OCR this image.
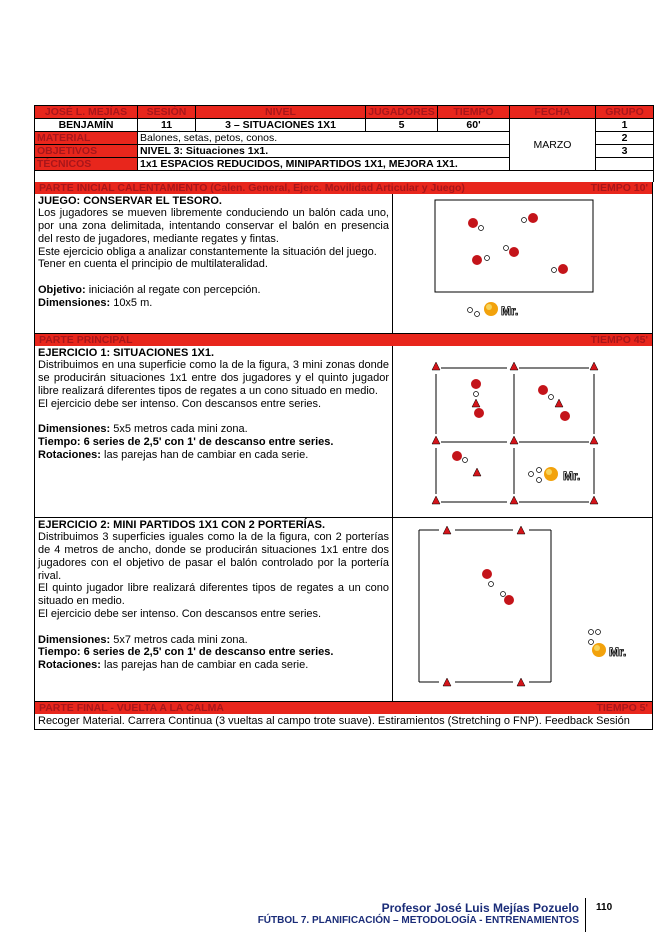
JOSÉ L. MEJÍAS	SESIÓN	NIVEL	JUGADORES	TIEMPO	FECHA	GRUPO
BENJAMÍN	11	3 – SITUACIONES 1X1	5	60'	MARZO	1
MATERIAL	Balones, setas, petos, conos.					2
OBJETIVOS	NIVEL 3: Situaciones 1x1.					3
TÉCNICOS	1x1 ESPACIOS REDUCIDOS, MINIPARTIDOS 1X1, MEJORA 1X1.					

PARTE INICIAL CALENTAMIENTO (Calen. General, Ejerc. Movilidad Articular y Juego)	TIEMPO 10'
JUEGO: CONSERVAR EL TESORO.
Los jugadores se mueven libremente conduciendo un balón cada uno, por una zona delimitada, intentando conservar el balón en presencia del resto de jugadores, mediante regates y fintas.
Este ejercicio obliga a analizar constantemente la situación del juego.
Tener en cuenta el principio de multilateralidad.
Objetivo: iniciación al regate con percepción.
Dimensiones: 10x5 m.
Mr.
PARTE PRINCIPAL	TIEMPO 45'
EJERCICIO 1: SITUACIONES 1X1.
Distribuimos en una superficie como la de la figura, 3 mini zonas donde se producirán situaciones 1x1 entre dos jugadores y el quinto jugador libre realizará diferentes tipos de regates a un cono situado en medio.
El ejercicio debe ser intenso. Con descansos entre series.
Dimensiones: 5x5 metros cada mini zona.
Tiempo: 6 series de 2,5' con 1' de descanso entre series.
Rotaciones: las parejas han de cambiar en cada serie.
Mr.
EJERCICIO 2: MINI PARTIDOS 1X1 CON 2 PORTERÍAS.
Distribuimos 3 superficies iguales como la de la figura, con 2 porterías de 4 metros de ancho, donde se producirán situaciones 1x1 entre dos jugadores con el objetivo de pasar el balón controlado por la portería rival.
El quinto jugador libre realizará diferentes tipos de regates a un cono situado en medio.
El ejercicio debe ser intenso. Con descansos entre series.
Dimensiones: 5x7 metros cada mini zona.
Tiempo: 6 series de 2,5' con 1' de descanso entre series.
Rotaciones: las parejas han de cambiar en cada serie.
Mr.
PARTE FINAL - VUELTA A LA CALMA	TIEMPO 5'
Recoger Material. Carrera Continua (3 vueltas al campo trote suave). Estiramientos (Stretching o FNP). Feedback Sesión
Profesor José Luis Mejías Pozuelo
FÚTBOL 7. PLANIFICACIÓN – METODOLOGÍA - ENTRENAMIENTOS
110
